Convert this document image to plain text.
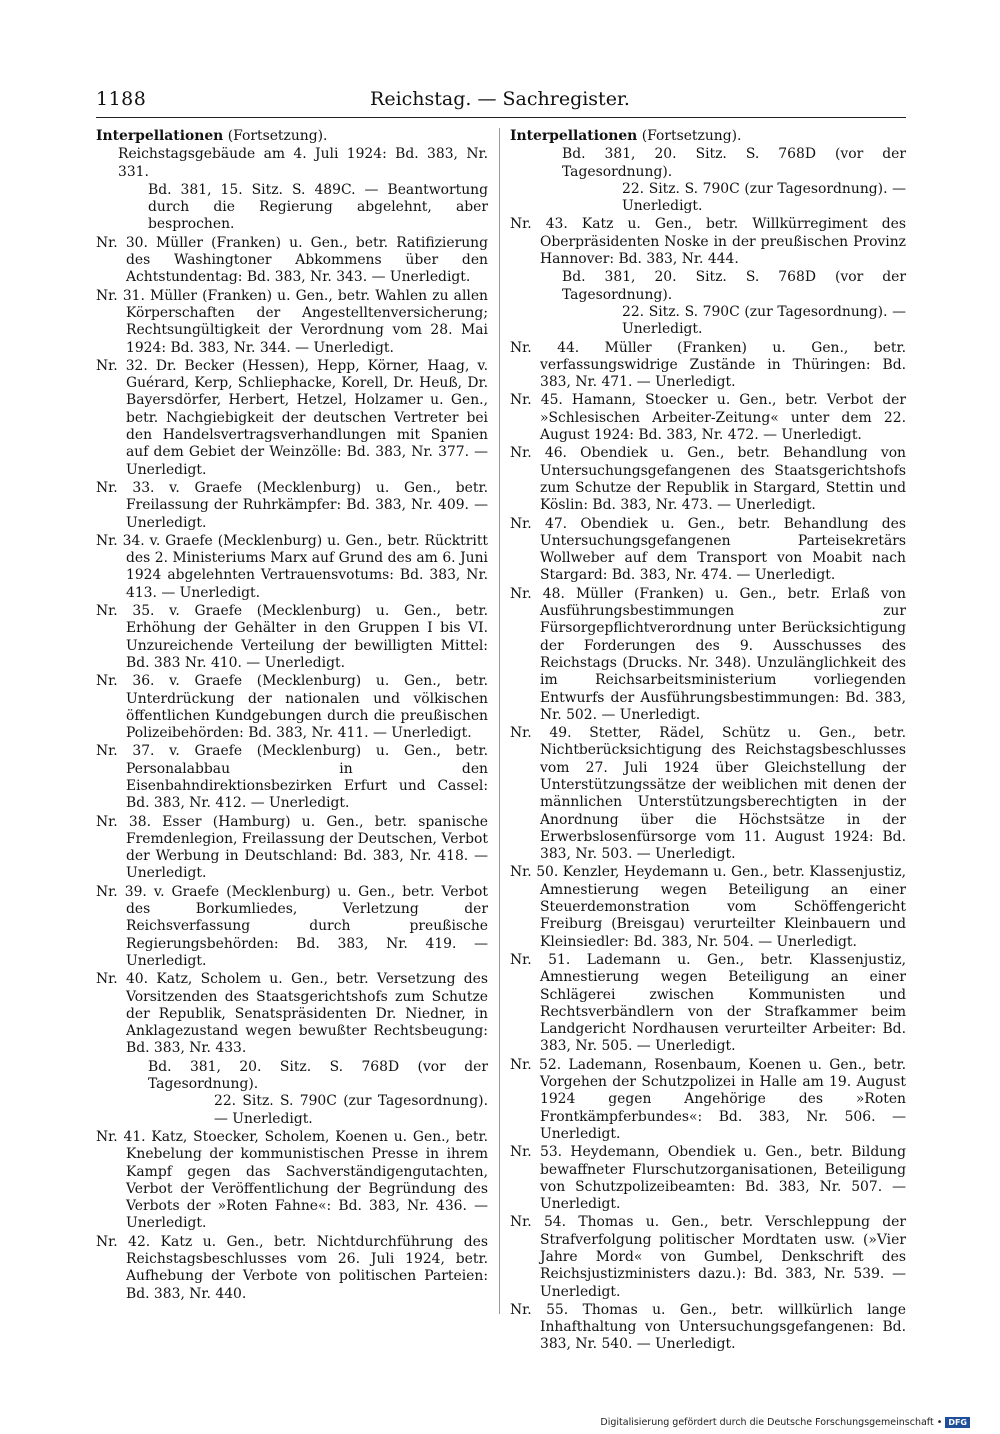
1188	Reichstag. — Sachregister.

Interpellationen (Fortsetzung).

Reichstagsgebäude am 4. Juli 1924: Bd. 383, Nr. 331.

Bd. 381, 15. Sitz. S. 489C. — Beantwortung durch die Regierung abgelehnt, aber besprochen.

Nr. 30. Müller (Franken) u. Gen., betr. Ratifizierung des Washingtoner Abkommens über den Achtstundentag: Bd. 383, Nr. 343. — Unerledigt.

Nr. 31. Müller (Franken) u. Gen., betr. Wahlen zu allen Körperschaften der Angestelltenversicherung; Rechtsungültigkeit der Verordnung vom 28. Mai 1924: Bd. 383, Nr. 344. — Unerledigt.

Nr. 32. Dr. Becker (Hessen), Hepp, Körner, Haag, v. Guérard, Kerp, Schliephacke, Korell, Dr. Heuß, Dr. Bayersdörfer, Herbert, Hetzel, Holzamer u. Gen., betr. Nachgiebigkeit der deutschen Vertreter bei den Handelsvertragsverhandlungen mit Spanien auf dem Gebiet der Weinzölle: Bd. 383, Nr. 377. — Unerledigt.

Nr. 33. v. Graefe (Mecklenburg) u. Gen., betr. Freilassung der Ruhrkämpfer: Bd. 383, Nr. 409. — Unerledigt.

Nr. 34. v. Graefe (Mecklenburg) u. Gen., betr. Rücktritt des 2. Ministeriums Marx auf Grund des am 6. Juni 1924 abgelehnten Vertrauensvotums: Bd. 383, Nr. 413. — Unerledigt.

Nr. 35. v. Graefe (Mecklenburg) u. Gen., betr. Erhöhung der Gehälter in den Gruppen I bis VI. Unzureichende Verteilung der bewilligten Mittel: Bd. 383 Nr. 410. — Unerledigt.

Nr. 36. v. Graefe (Mecklenburg) u. Gen., betr. Unterdrückung der nationalen und völkischen öffentlichen Kundgebungen durch die preußischen Polizeibehörden: Bd. 383, Nr. 411. — Unerledigt.

Nr. 37. v. Graefe (Mecklenburg) u. Gen., betr. Personalabbau in den Eisenbahndirektionsbezirken Erfurt und Cassel: Bd. 383, Nr. 412. — Unerledigt.

Nr. 38. Esser (Hamburg) u. Gen., betr. spanische Fremdenlegion, Freilassung der Deutschen, Verbot der Werbung in Deutschland: Bd. 383, Nr. 418. — Unerledigt.

Nr. 39. v. Graefe (Mecklenburg) u. Gen., betr. Verbot des Borkumliedes, Verletzung der Reichsverfassung durch preußische Regierungsbehörden: Bd. 383, Nr. 419. — Unerledigt.

Nr. 40. Katz, Scholem u. Gen., betr. Versetzung des Vorsitzenden des Staatsgerichtshofs zum Schutze der Republik, Senatspräsidenten Dr. Niedner, in Anklagezustand wegen bewußter Rechtsbeugung: Bd. 383, Nr. 433.

Bd. 381, 20. Sitz. S. 768D (vor der Tagesordnung).

22. Sitz. S. 790C (zur Tagesordnung). — Unerledigt.

Nr. 41. Katz, Stoecker, Scholem, Koenen u. Gen., betr. Knebelung der kommunistischen Presse in ihrem Kampf gegen das Sachverständigengutachten, Verbot der Veröffentlichung der Begründung des Verbots der »Roten Fahne«: Bd. 383, Nr. 436. — Unerledigt.

Nr. 42. Katz u. Gen., betr. Nichtdurchführung des Reichstagsbeschlusses vom 26. Juli 1924, betr. Aufhebung der Verbote von politischen Parteien: Bd. 383, Nr. 440.

Interpellationen (Fortsetzung).

Bd. 381, 20. Sitz. S. 768D (vor der Tagesordnung).

22. Sitz. S. 790C (zur Tagesordnung). — Unerledigt.

Nr. 43. Katz u. Gen., betr. Willkürregiment des Oberpräsidenten Noske in der preußischen Provinz Hannover: Bd. 383, Nr. 444.

Bd. 381, 20. Sitz. S. 768D (vor der Tagesordnung).

22. Sitz. S. 790C (zur Tagesordnung). — Unerledigt.

Nr. 44. Müller (Franken) u. Gen., betr. verfassungswidrige Zustände in Thüringen: Bd. 383, Nr. 471. — Unerledigt.

Nr. 45. Hamann, Stoecker u. Gen., betr. Verbot der »Schlesischen Arbeiter-Zeitung« unter dem 22. August 1924: Bd. 383, Nr. 472. — Unerledigt.

Nr. 46. Obendiek u. Gen., betr. Behandlung von Untersuchungsgefangenen des Staatsgerichtshofs zum Schutze der Republik in Stargard, Stettin und Köslin: Bd. 383, Nr. 473. — Unerledigt.

Nr. 47. Obendiek u. Gen., betr. Behandlung des Untersuchungsgefangenen Parteisekretärs Wollweber auf dem Transport von Moabit nach Stargard: Bd. 383, Nr. 474. — Unerledigt.

Nr. 48. Müller (Franken) u. Gen., betr. Erlaß von Ausführungsbestimmungen zur Fürsorgepflichtverordnung unter Berücksichtigung der Forderungen des 9. Ausschusses des Reichstags (Drucks. Nr. 348). Unzulänglichkeit des im Reichsarbeitsministerium vorliegenden Entwurfs der Ausführungsbestimmungen: Bd. 383, Nr. 502. — Unerledigt.

Nr. 49. Stetter, Rädel, Schütz u. Gen., betr. Nichtberücksichtigung des Reichstagsbeschlusses vom 27. Juli 1924 über Gleichstellung der Unterstützungssätze der weiblichen mit denen der männlichen Unterstützungsberechtigten in der Anordnung über die Höchstsätze in der Erwerbslosenfürsorge vom 11. August 1924: Bd. 383, Nr. 503. — Unerledigt.

Nr. 50. Kenzler, Heydemann u. Gen., betr. Klassenjustiz, Amnestierung wegen Beteiligung an einer Steuerdemonstration vom Schöffengericht Freiburg (Breisgau) verurteilter Kleinbauern und Kleinsiedler: Bd. 383, Nr. 504. — Unerledigt.

Nr. 51. Lademann u. Gen., betr. Klassenjustiz, Amnestierung wegen Beteiligung an einer Schlägerei zwischen Kommunisten und Rechtsverbändlern von der Strafkammer beim Landgericht Nordhausen verurteilter Arbeiter: Bd. 383, Nr. 505. — Unerledigt.

Nr. 52. Lademann, Rosenbaum, Koenen u. Gen., betr. Vorgehen der Schutzpolizei in Halle am 19. August 1924 gegen Angehörige des »Roten Frontkämpferbundes«: Bd. 383, Nr. 506. — Unerledigt.

Nr. 53. Heydemann, Obendiek u. Gen., betr. Bildung bewaffneter Flurschutzorganisationen, Beteiligung von Schutzpolizeibeamten: Bd. 383, Nr. 507. — Unerledigt.

Nr. 54. Thomas u. Gen., betr. Verschleppung der Strafverfolgung politischer Mordtaten usw. (»Vier Jahre Mord« von Gumbel, Denkschrift des Reichsjustizministers dazu.): Bd. 383, Nr. 539. — Unerledigt.

Nr. 55. Thomas u. Gen., betr. willkürlich lange Inhafthaltung von Untersuchungsgefangenen: Bd. 383, Nr. 540. — Unerledigt.

Digitalisierung gefördert durch die Deutsche Forschungsgemeinschaft • DFG
